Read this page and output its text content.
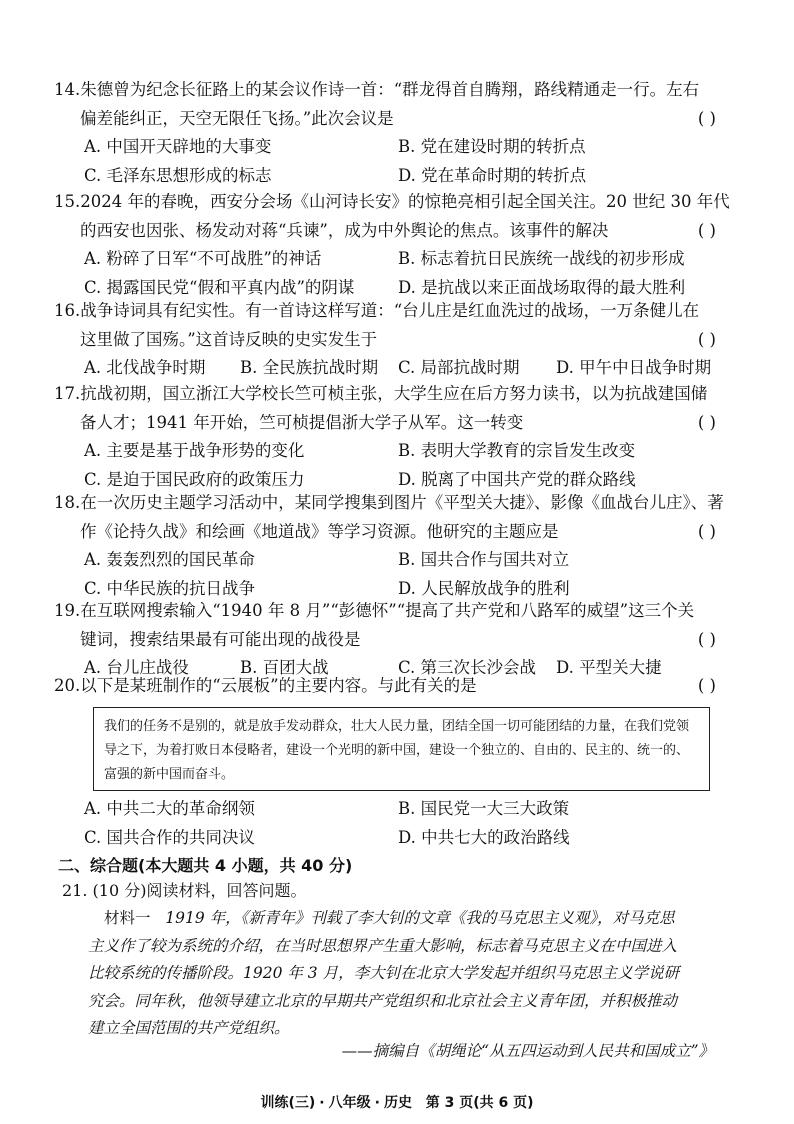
14.朱德曾为纪念长征路上的某会议作诗一首：“群龙得首自腾翔，路线精通走一行。左右
偏差能纠正，天空无限任飞扬。”此次会议是	( )
A. 中国开天辟地的大事变	B. 党在建设时期的转折点
C. 毛泽东思想形成的标志	D. 党在革命时期的转折点
15.2024 年的春晚，西安分会场《山河诗长安》的惊艳亮相引起全国关注。20 世纪 30 年代
的西安也因张、杨发动对蒋“兵谏”，成为中外舆论的焦点。该事件的解决	( )
A. 粉碎了日军“不可战胜”的神话	B. 标志着抗日民族统一战线的初步形成
C. 揭露国民党“假和平真内战”的阴谋	D. 是抗战以来正面战场取得的最大胜利
16.战争诗词具有纪实性。有一首诗这样写道：“台儿庄是红血洗过的战场，一万条健儿在
这里做了国殇。”这首诗反映的史实发生于	( )
A. 北伐战争时期 B. 全民族抗战时期 C. 局部抗战时期 D. 甲午中日战争时期
17.抗战初期，国立浙江大学校长竺可桢主张，大学生应在后方努力读书，以为抗战建国储
备人才；1941 年开始，竺可桢提倡浙大学子从军。这一转变	( )
A. 主要是基于战争形势的变化	B. 表明大学教育的宗旨发生改变
C. 是迫于国民政府的政策压力	D. 脱离了中国共产党的群众路线
18.在一次历史主题学习活动中，某同学搜集到图片《平型关大捷》、影像《血战台儿庄》、著
作《论持久战》和绘画《地道战》等学习资源。他研究的主题应是	( )
A. 轰轰烈烈的国民革命	B. 国共合作与国共对立
C. 中华民族的抗日战争	D. 人民解放战争的胜利
19.在互联网搜索输入“1940 年 8 月”“彭德怀”“提高了共产党和八路军的威望”这三个关
键词，搜索结果最有可能出现的战役是	( )
A. 台儿庄战役	B. 百团大战	C. 第三次长沙会战 D. 平型关大捷
20.以下是某班制作的“云展板”的主要内容。与此有关的是	( )
我们的任务不是别的，就是放手发动群众，壮大人民力量，团结全国一切可能团结的力量，在我们党领导之下，为着打败日本侵略者，建设一个光明的新中国，建设一个独立的、自由的、民主的、统一的、富强的新中国而奋斗。
A. 中共二大的革命纲领	B. 国民党一大三大政策
C. 国共合作的共同决议	D. 中共七大的政治路线
二、综合题(本大题共 4 小题，共 40 分)
21. (10 分)阅读材料，回答问题。

材料一 1919 年，《新青年》刊载了李大钊的文章《我的马克思主义观》，对马克思

主义作了较为系统的介绍，在当时思想界产生重大影响，标志着马克思主义在中国进入

比较系统的传播阶段。1920 年 3 月，李大钊在北京大学发起并组织马克思主义学说研

究会。同年秋，他领导建立北京的早期共产党组织和北京社会主义青年团，并积极推动

建立全国范围的共产党组织。

——摘编自《胡绳论“从五四运动到人民共和国成立”》
训练(三) · 八年级 · 历史 第 3 页(共 6 页)
